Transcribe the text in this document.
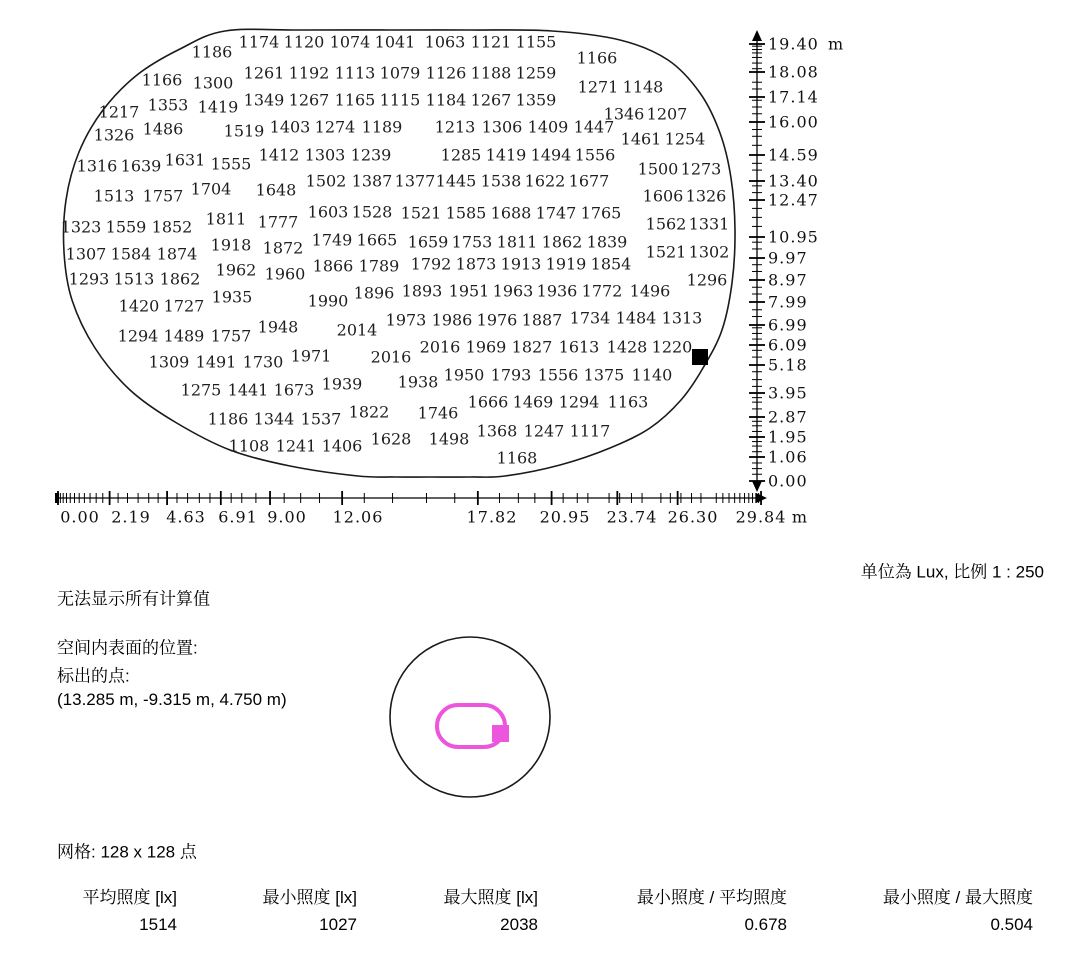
1174 1120 1074 1041 1063 1121 1155
1186	1166
1261 1192 1113 1079 1126 1188 1259
1166 1300	1271 1148
1349 1267 1165 1115 1184 1267 1359
1217 1353 1419	1346 1207
1403 1274 1189 1213 1306 1409 1447
1326 1486	1519	1461 1254
1412 1303 1239	1285 1419 1494 1556
1316 1639 1631 1555	1500 1273
1502 1387 1377 1445 1538 1622 1677
1513 1757 1704 1648	1606 1326
1603 1528 1521 1585 1688 1747 1765
1323 1559 1852 1811 1777	1562 1331
1749 1665 1659 1753 1811 1862 1839
1307 1584 1874 1918 1872	1521 1302
1866 1789 1792 1873 1913 1919 1854
1293 1513 1862 1962 1960	1296
1896 1893 1951 1963 1936 1772 1496
1420 1727 1935	1990
1973 1986 1976 1887 1734 1484 1313
1294 1489 1757 1948 2014
2016 1969 1827 1613 1428 1220
1309 1491 1730 1971 2016
1950 1793 1556 1375 1140
1275 1441 1673 1939 1938
1666 1469 1294 1163
1186 1344 1537 1822 1746
1368 1247 1117
1108 1241 1406 1628 1498
1168
19.40 m
18.08
17.14
16.00
14.59
13.40
12.47
10.95
9.97
8.97
7.99
6.99
6.09
5.18
3.95
2.87
1.95
1.06
0.00
0.00 2.19 4.63 6.91 9.00 12.06	17.82 20.95 23.74 26.30 29.84 m
单位為 Lux, 比例 1 : 250
无法显示所有计算值
空间内表面的位置:
标出的点:
(13.285 m, -9.315 m, 4.750 m)
网格: 128 x 128 点
平均照度 [lx]
1514
最小照度 [lx]
1027
最大照度 [lx]
2038
最小照度 / 平均照度
0.678
最小照度 / 最大照度
0.504
